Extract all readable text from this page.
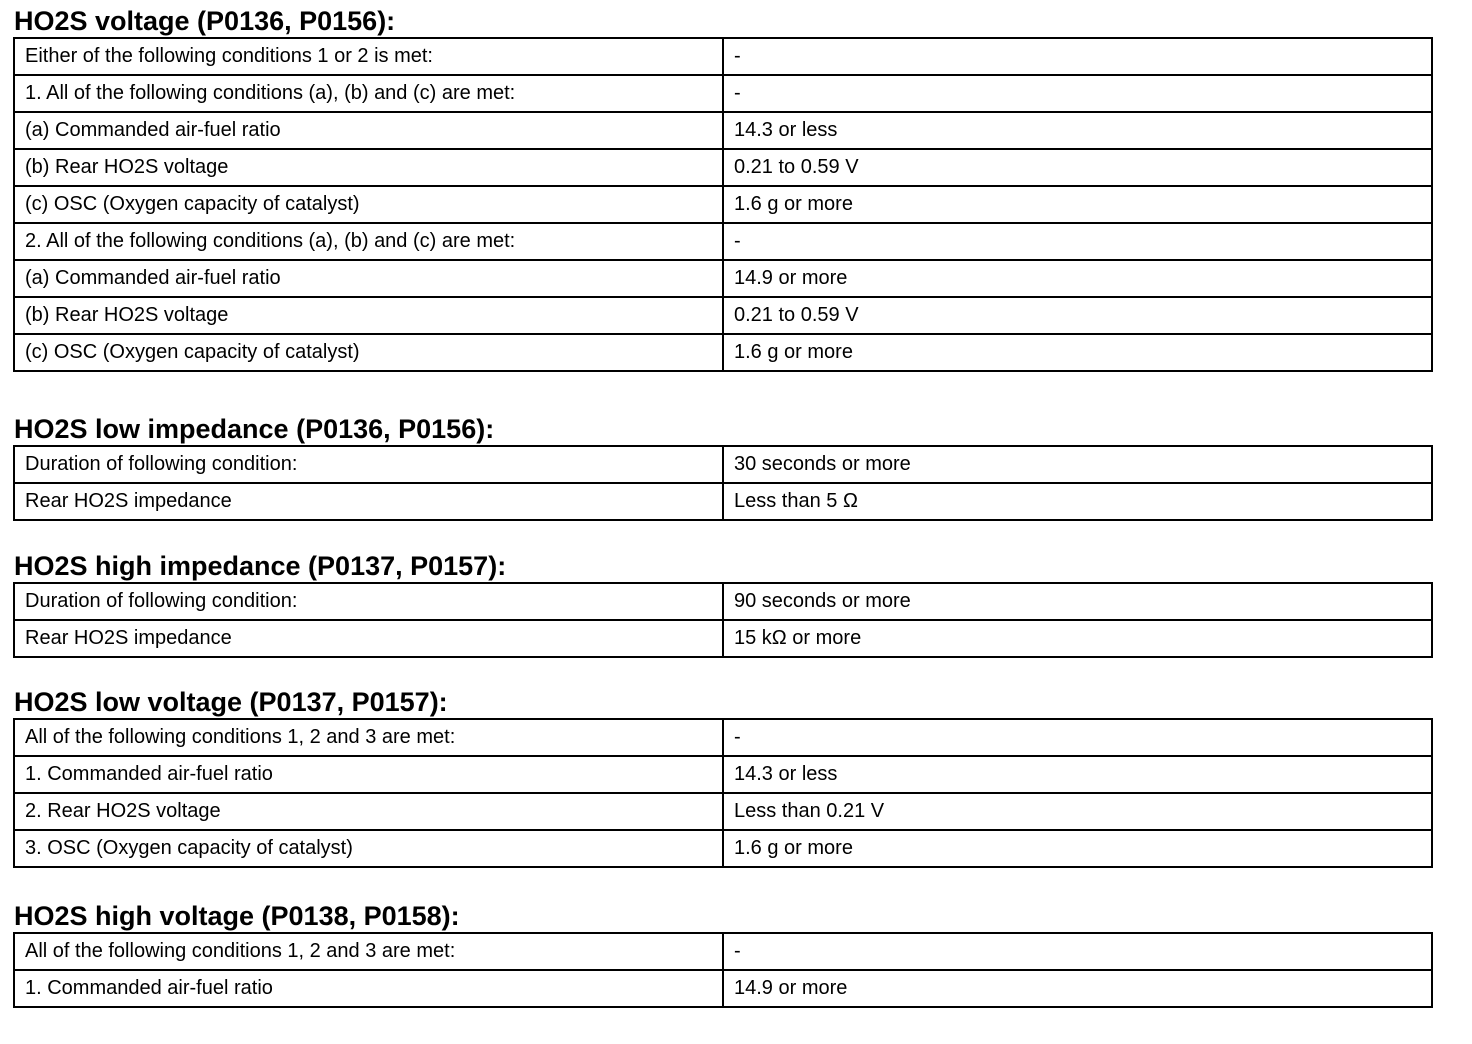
HO2S voltage (P0136, P0156):
Either of the following conditions 1 or 2 is met:	-
1. All of the following conditions (a), (b) and (c) are met:	-
(a) Commanded air-fuel ratio	14.3 or less
(b) Rear HO2S voltage	0.21 to 0.59 V
(c) OSC (Oxygen capacity of catalyst)	1.6 g or more
2. All of the following conditions (a), (b) and (c) are met:	-
(a) Commanded air-fuel ratio	14.9 or more
(b) Rear HO2S voltage	0.21 to 0.59 V
(c) OSC (Oxygen capacity of catalyst)	1.6 g or more
HO2S low impedance (P0136, P0156):
Duration of following condition:	30 seconds or more
Rear HO2S impedance	Less than 5 Ω
HO2S high impedance (P0137, P0157):
Duration of following condition:	90 seconds or more
Rear HO2S impedance	15 kΩ or more
HO2S low voltage (P0137, P0157):
All of the following conditions 1, 2 and 3 are met:	-
1. Commanded air-fuel ratio	14.3 or less
2. Rear HO2S voltage	Less than 0.21 V
3. OSC (Oxygen capacity of catalyst)	1.6 g or more
HO2S high voltage (P0138, P0158):
All of the following conditions 1, 2 and 3 are met:	-
1. Commanded air-fuel ratio	14.9 or more
